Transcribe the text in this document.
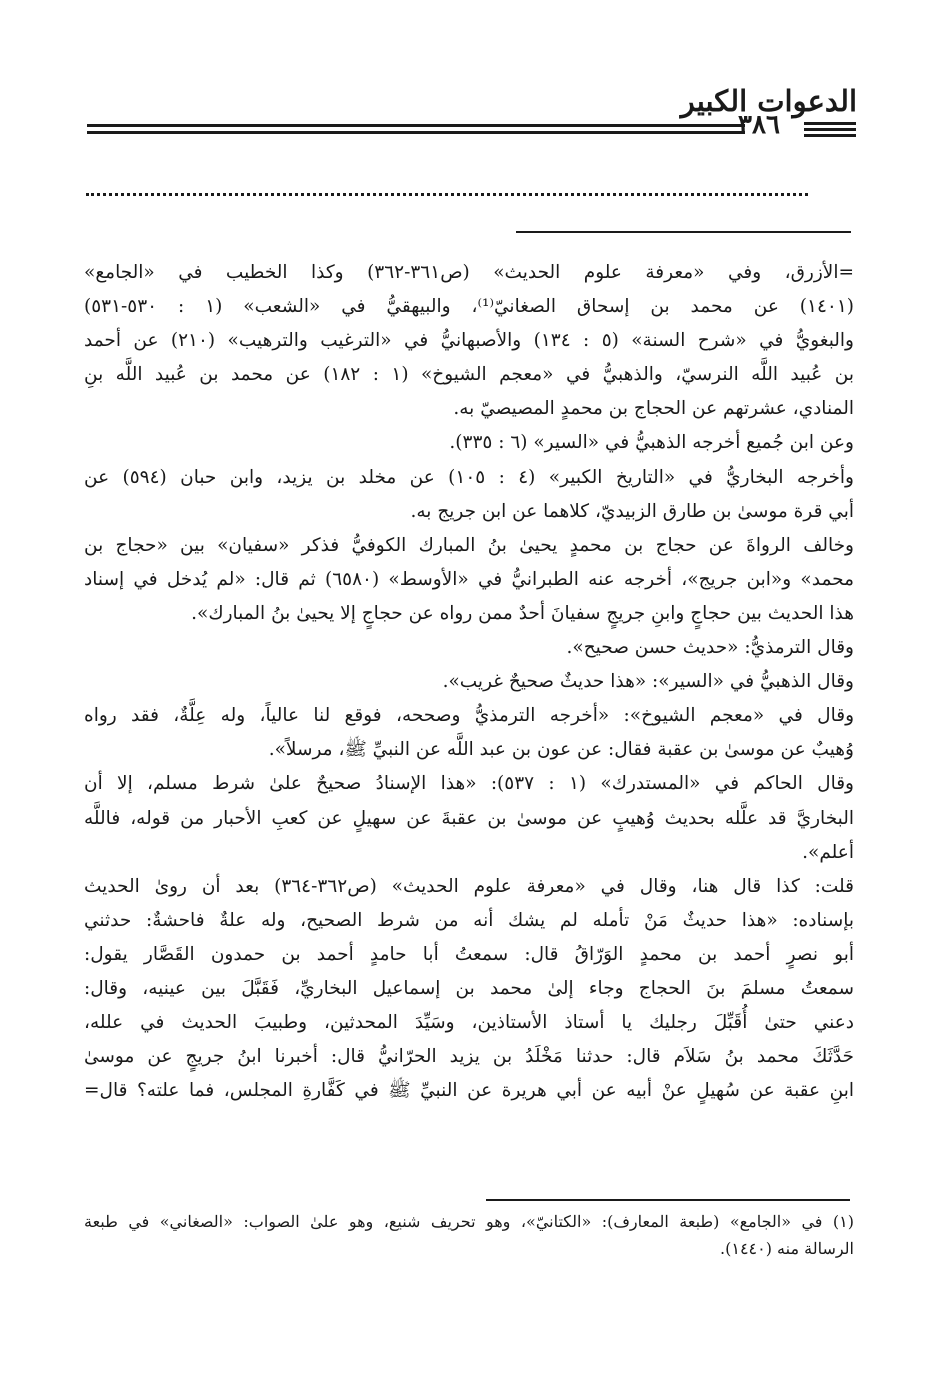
الدعوات الكبير
٣٨٦
=الأزرق، وفي «معرفة علوم الحديث» (ص٣٦١-٣٦٢) وكذا الخطيب في «الجامع»
(١٤٠١) عن محمد بن إسحاق الصغانيّ⁽¹⁾، والبيهقيُّ في «الشعب» (١ : ٥٣٠-٥٣١)
والبغويُّ في «شرح السنة» (٥ : ١٣٤) والأصبهانيُّ في «الترغيب والترهيب» (٢١٠) عن أحمد
بن عُبيد اللَّه النرسيّ، والذهبيُّ في «معجم الشيوخ» (١ : ١٨٢) عن محمد بن عُبيد اللَّه بنِ
المنادي، عشرتهم عن الحجاج بن محمدٍ المصيصيّ به.
وعن ابن جُميع أخرجه الذهبيُّ في «السير» (٦ : ٣٣٥).
وأخرجه البخاريُّ في «التاريخ الكبير» (٤ : ١٠٥) عن مخلد بن يزيد، وابن حبان (٥٩٤) عن
أبي قرة موسىٰ بن طارق الزبيديّ، كلاهما عن ابن جريج به.
وخالف الرواةَ عن حجاج بن محمدٍ يحيىٰ بنُ المبارك الكوفيُّ فذكر «سفيان» بين «حجاج بن
محمد» و«ابن جريج»، أخرجه عنه الطبرانيُّ في «الأوسط» (٦٥٨٠) ثم قال: «لم يُدخل في إسناد
هذا الحديث بين حجاجٍ وابنِ جريجٍ سفيانَ أحدٌ ممن رواه عن حجاجٍ إلا يحيىٰ بنُ المبارك».
وقال الترمذيُّ: «حديث حسن صحيح».
وقال الذهبيُّ في «السير»: «هذا حديثٌ صحيحٌ غريب».
وقال في «معجم الشيوخ»: «أخرجه الترمذيُّ وصححه، فوقع لنا عالياً، وله عِلَّةٌ، فقد رواه
وُهيبٌ عن موسىٰ بن عقبة فقال: عن عون بن عبد اللَّه عن النبيِّ ﷺ، مرسلاً».
وقال الحاكم في «المستدرك» (١ : ٥٣٧): «هذا الإسنادُ صحيحٌ علىٰ شرط مسلم، إلا أن
البخاريَّ قد علَّله بحديث وُهيبٍ عن موسىٰ بن عقبةَ عن سهيلٍ عن كعبِ الأحبار من قوله، فاللَّه
أعلم».
قلت: كذا قال هنا، وقال في «معرفة علوم الحديث» (ص٣٦٢-٣٦٤) بعد أن روىٰ الحديث
بإسناده: «هذا حديثٌ مَنْ تأمله لم يشك أنه من شرط الصحيح، وله علةٌ فاحشةٌ: حدثني
أبو نصرٍ أحمد بن محمدٍ الوَرّاقُ قال: سمعتُ أبا حامدٍ أحمد بن حمدون القَصَّار يقول:
سمعتُ مسلمَ بنَ الحجاج وجاء إلىٰ محمد بن إسماعيل البخاريِّ، فَقَبَّلَ بين عينيه، وقال:
دعني حتىٰ أُقَبِّلَ رجليك يا أستاذ الأستاذين، وسَيِّدَ المحدثين، وطبيبَ الحديث في علله،
حَدَّثَكَ محمد بنُ سَلاَم قال: حدثنا مَخْلَدُ بن يزيد الحرّانيُّ قال: أخبرنا ابنُ جريجٍ عن موسىٰ
ابنِ عقبة عن سُهيلٍ عنْ أبيه عن أبي هريرة عن النبيِّ ﷺ في كَفَّارةِ المجلس، فما علته؟ قال=
(١) في «الجامع» (طبعة المعارف): «الكتانيّ»، وهو تحريف شنيع، وهو علىٰ الصواب: «الصغاني» في طبعة
الرسالة منه (١٤٤٠).
